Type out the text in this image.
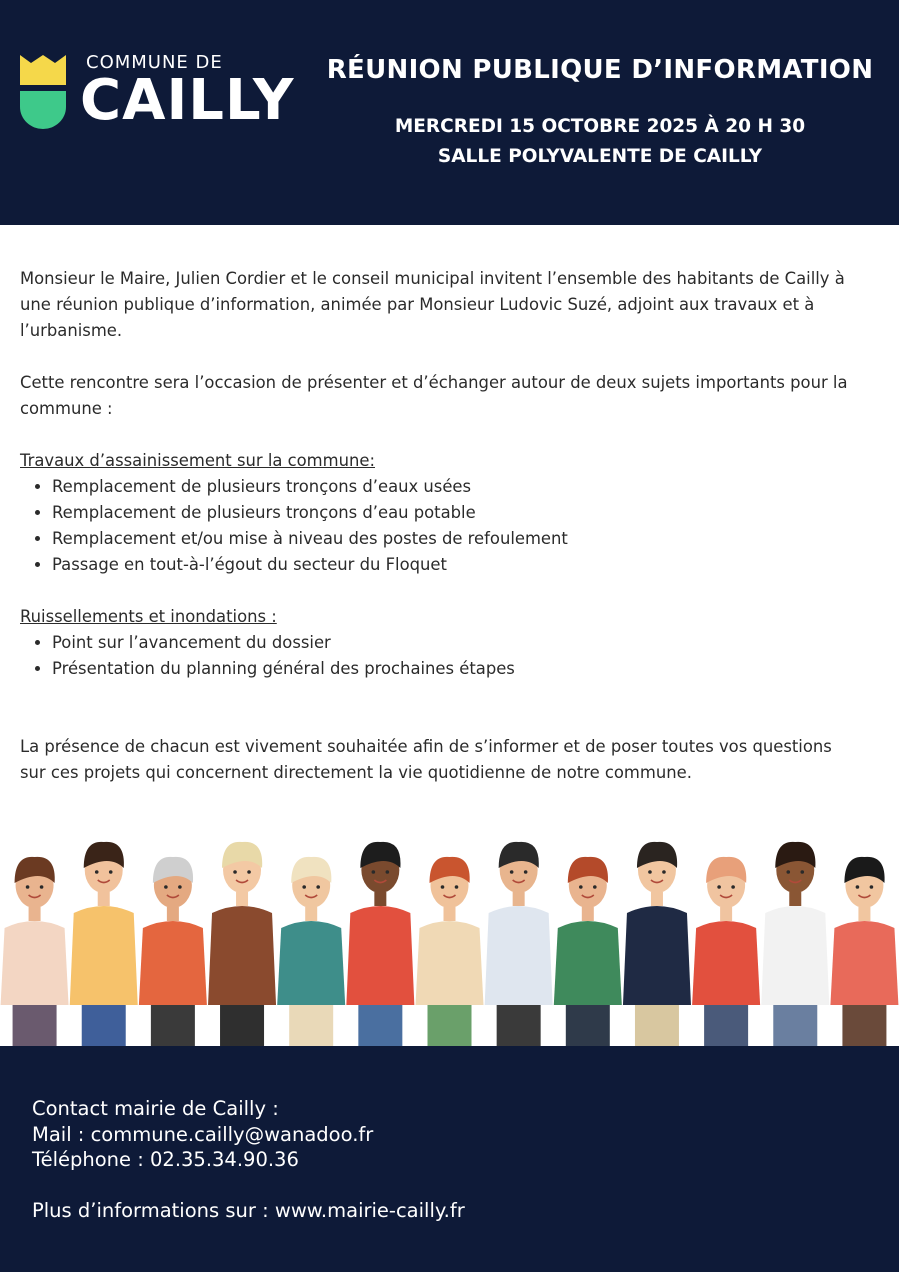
COMMUNE DE
CAILLY RÉUNION PUBLIQUE D’INFORMATION
MERCREDI 15 OCTOBRE 2025 À 20 H 30
SALLE POLYVALENTE DE CAILLY

Monsieur le Maire, Julien Cordier et le conseil municipal invitent l’ensemble des habitants de Cailly à une réunion publique d’information, animée par Monsieur Ludovic Suzé, adjoint aux travaux et à l’urbanisme.

Cette rencontre sera l’occasion de présenter et d’échanger autour de deux sujets importants pour la commune :

Travaux d’assainissement sur la commune:

• Remplacement de plusieurs tronçons d’eaux usées
• Remplacement de plusieurs tronçons d’eau potable
• Remplacement et/ou mise à niveau des postes de refoulement
• Passage en tout-à-l’égout du secteur du Floquet

Ruissellements et inondations :

• Point sur l’avancement du dossier
• Présentation du planning général des prochaines étapes

La présence de chacun est vivement souhaitée afin de s’informer et de poser toutes vos questions sur ces projets qui concernent directement la vie quotidienne de notre commune.

Contact mairie de Cailly :

Mail : commune.cailly@wanadoo.fr

Téléphone : 02.35.34.90.36

Plus d’informations sur : www.mairie-cailly.fr
